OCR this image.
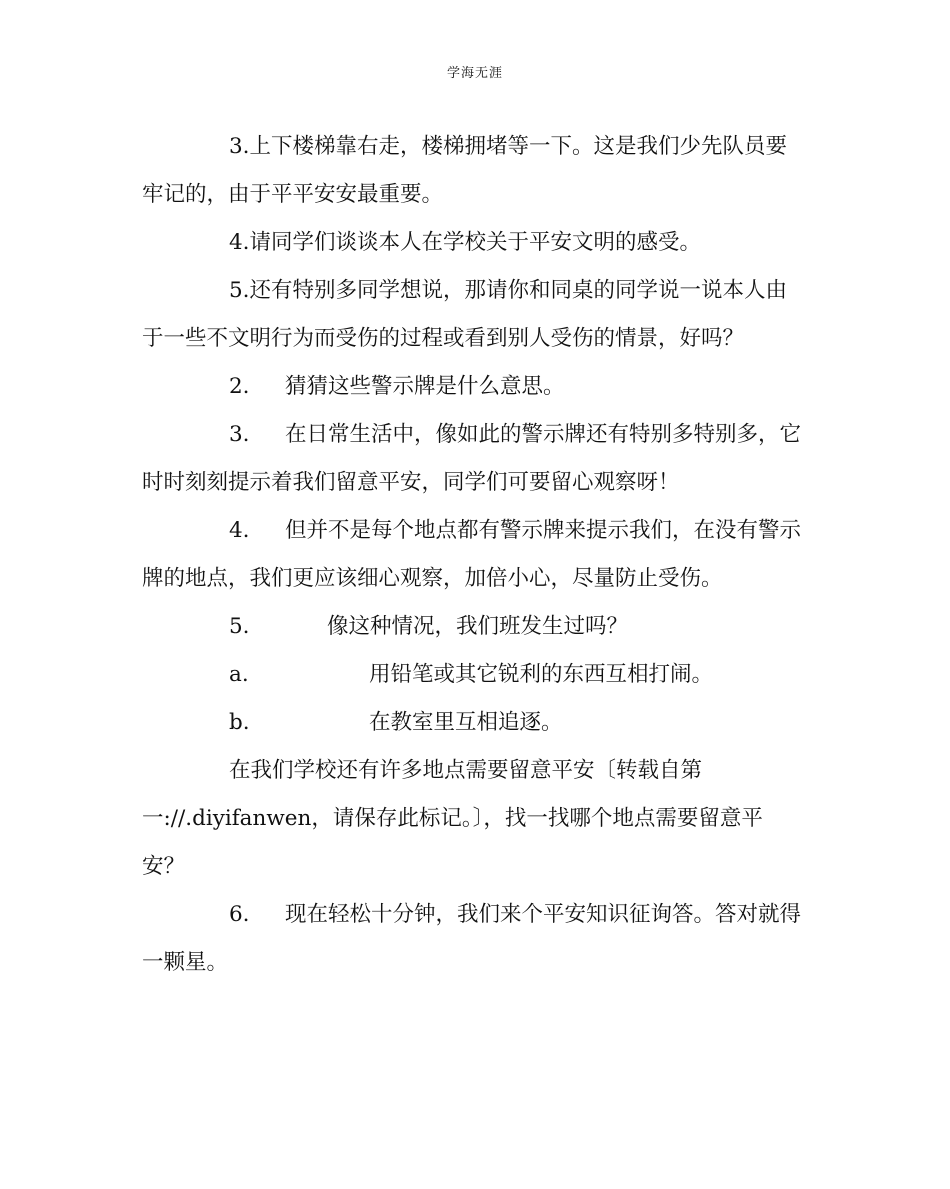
学海无涯
3.上下楼梯靠右走，楼梯拥堵等一下。这是我们少先队员要
牢记的，由于平平安安最重要。
4.请同学们谈谈本人在学校关于平安文明的感受。
5.还有特别多同学想说，那请你和同桌的同学说一说本人由
于一些不文明行为而受伤的过程或看到别人受伤的情景，好吗？
2. 猜猜这些警示牌是什么意思。
3. 在日常生活中，像如此的警示牌还有特别多特别多，它
时时刻刻提示着我们留意平安，同学们可要留心观察呀！
4. 但并不是每个地点都有警示牌来提示我们，在没有警示
牌的地点，我们更应该细心观察，加倍小心，尽量防止受伤。
5.	像这种情况，我们班发生过吗？
a.	用铅笔或其它锐利的东西互相打闹。
b.	在教室里互相追逐。
在我们学校还有许多地点需要留意平安〔转载自第
一://.diyifanwen，请保存此标记。〕，找一找哪个地点需要留意平
安？
6. 现在轻松十分钟，我们来个平安知识征询答。答对就得
一颗星。
